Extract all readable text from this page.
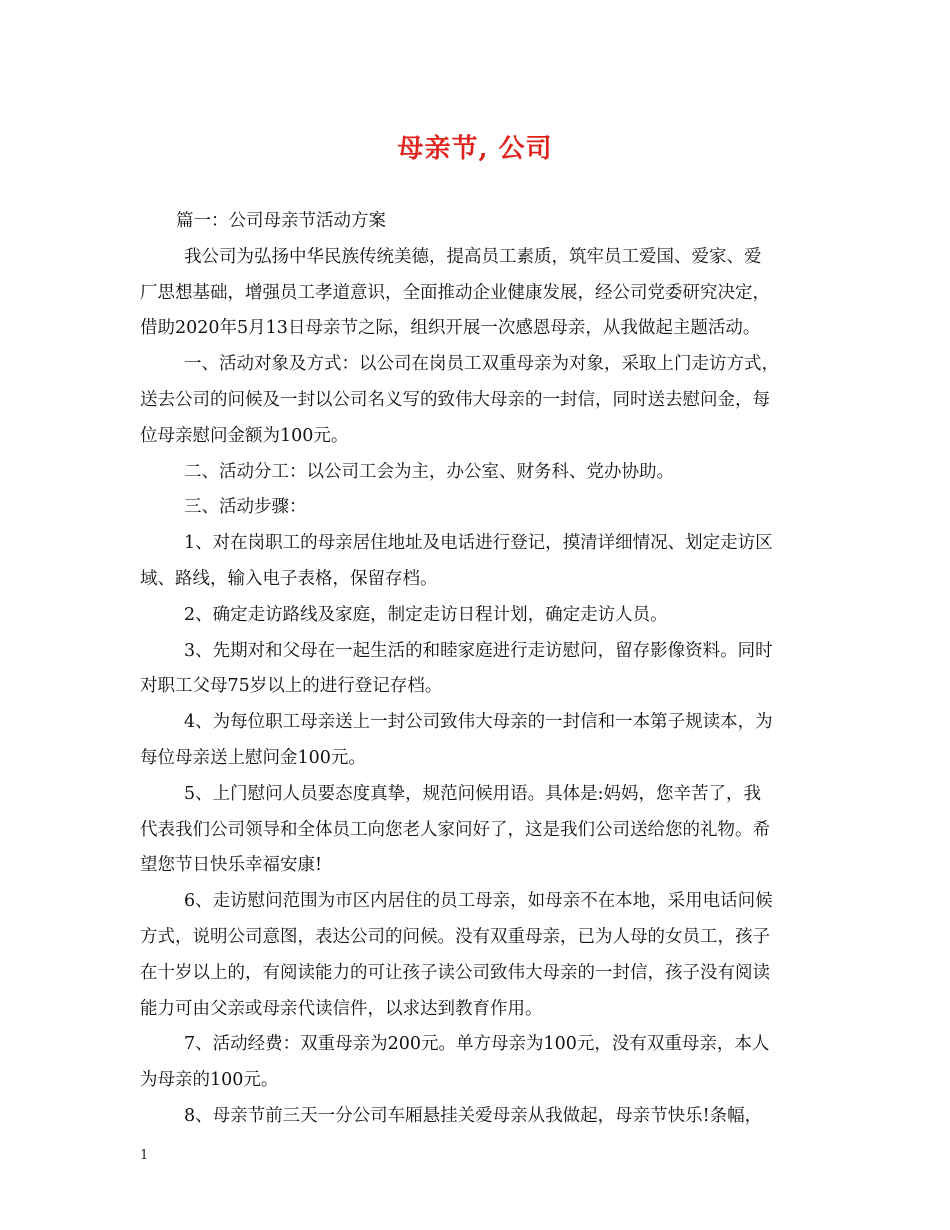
母亲节, 公司
篇一：公司母亲节活动方案
我公司为弘扬中华民族传统美德，提高员工素质，筑牢员工爱国、爱家、爱
厂思想基础，增强员工孝道意识，全面推动企业健康发展，经公司党委研究决定，
借助2020年5月13日母亲节之际，组织开展一次感恩母亲，从我做起主题活动。
一、活动对象及方式：以公司在岗员工双重母亲为对象，采取上门走访方式，
送去公司的问候及一封以公司名义写的致伟大母亲的一封信，同时送去慰问金，每
位母亲慰问金额为100元。
二、活动分工：以公司工会为主，办公室、财务科、党办协助。
三、活动步骤：
1、对在岗职工的母亲居住地址及电话进行登记，摸清详细情况、划定走访区
域、路线，输入电子表格，保留存档。
2、确定走访路线及家庭，制定走访日程计划，确定走访人员。
3、先期对和父母在一起生活的和睦家庭进行走访慰问，留存影像资料。同时
对职工父母75岁以上的进行登记存档。
4、为每位职工母亲送上一封公司致伟大母亲的一封信和一本第子规读本，为
每位母亲送上慰问金100元。
5、上门慰问人员要态度真挚，规范问候用语。具体是:妈妈，您辛苦了，我
代表我们公司领导和全体员工向您老人家问好了，这是我们公司送给您的礼物。希
望您节日快乐幸福安康!
6、走访慰问范围为市区内居住的员工母亲，如母亲不在本地，采用电话问候
方式，说明公司意图，表达公司的问候。没有双重母亲，已为人母的女员工，孩子
在十岁以上的，有阅读能力的可让孩子读公司致伟大母亲的一封信，孩子没有阅读
能力可由父亲或母亲代读信件，以求达到教育作用。
7、活动经费：双重母亲为200元。单方母亲为100元，没有双重母亲，本人
为母亲的100元。
8、母亲节前三天一分公司车厢悬挂关爱母亲从我做起，母亲节快乐!条幅，
1
